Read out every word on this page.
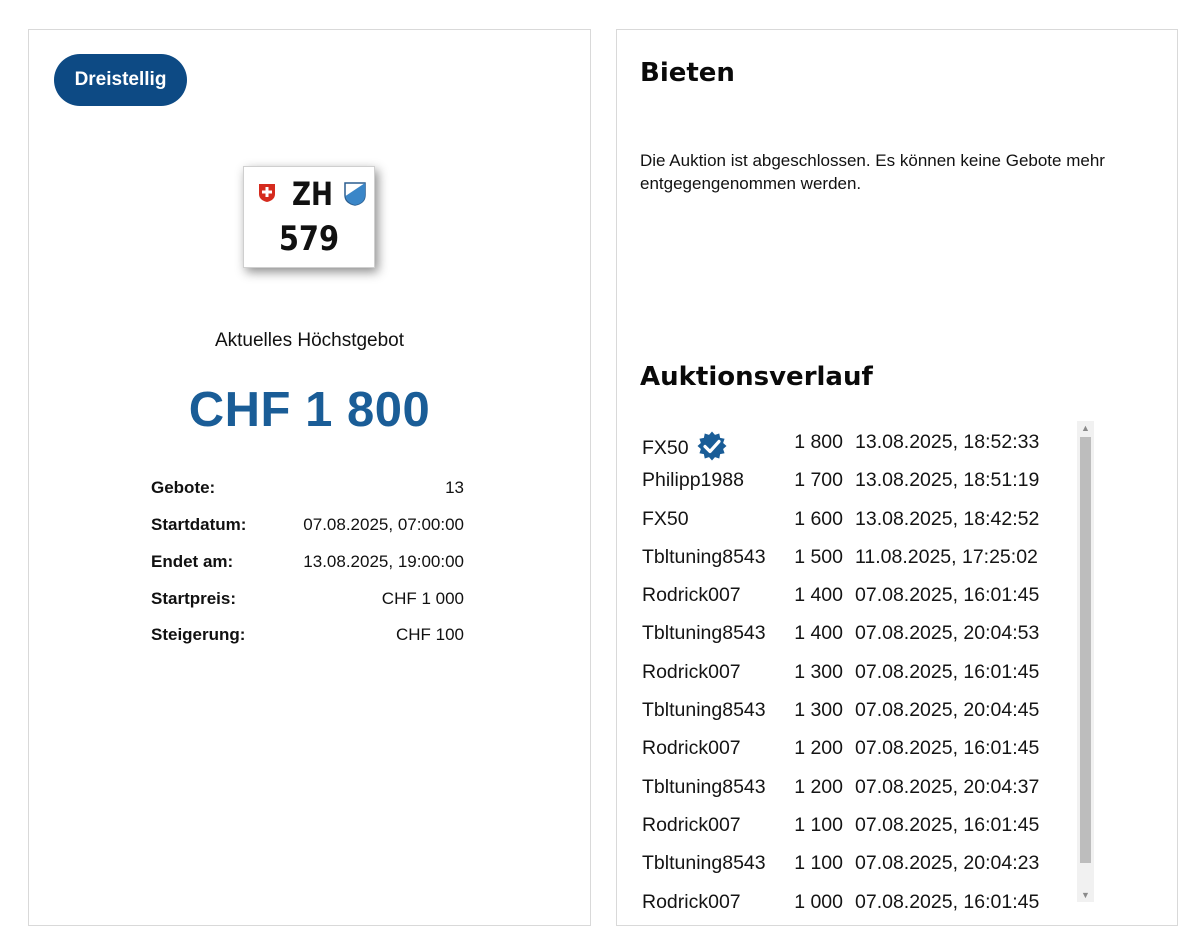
Dreistellig
ZH
579
Aktuelles Höchstgebot
CHF 1 800
Gebote:	13
Startdatum:	07.08.2025, 07:00:00
Endet am:	13.08.2025, 19:00:00
Startpreis:	CHF 1 000
Steigerung:	CHF 100
Bieten
Die Auktion ist abgeschlossen. Es können keine Gebote mehr entgegengenommen werden.
Auktionsverlauf
FX50	1 800 13.08.2025, 18:52:33
Philipp1988	1 700 13.08.2025, 18:51:19
FX50	1 600 13.08.2025, 18:42:52
Tbltuning8543 1 500 11.08.2025, 17:25:02
Rodrick007	1 400 07.08.2025, 16:01:45
Tbltuning8543 1 400 07.08.2025, 20:04:53
Rodrick007	1 300 07.08.2025, 16:01:45
Tbltuning8543 1 300 07.08.2025, 20:04:45
Rodrick007	1 200 07.08.2025, 16:01:45
Tbltuning8543 1 200 07.08.2025, 20:04:37
Rodrick007	1 100 07.08.2025, 16:01:45
Tbltuning8543 1 100 07.08.2025, 20:04:23
Rodrick007	1 000 07.08.2025, 16:01:45
▲
▼
